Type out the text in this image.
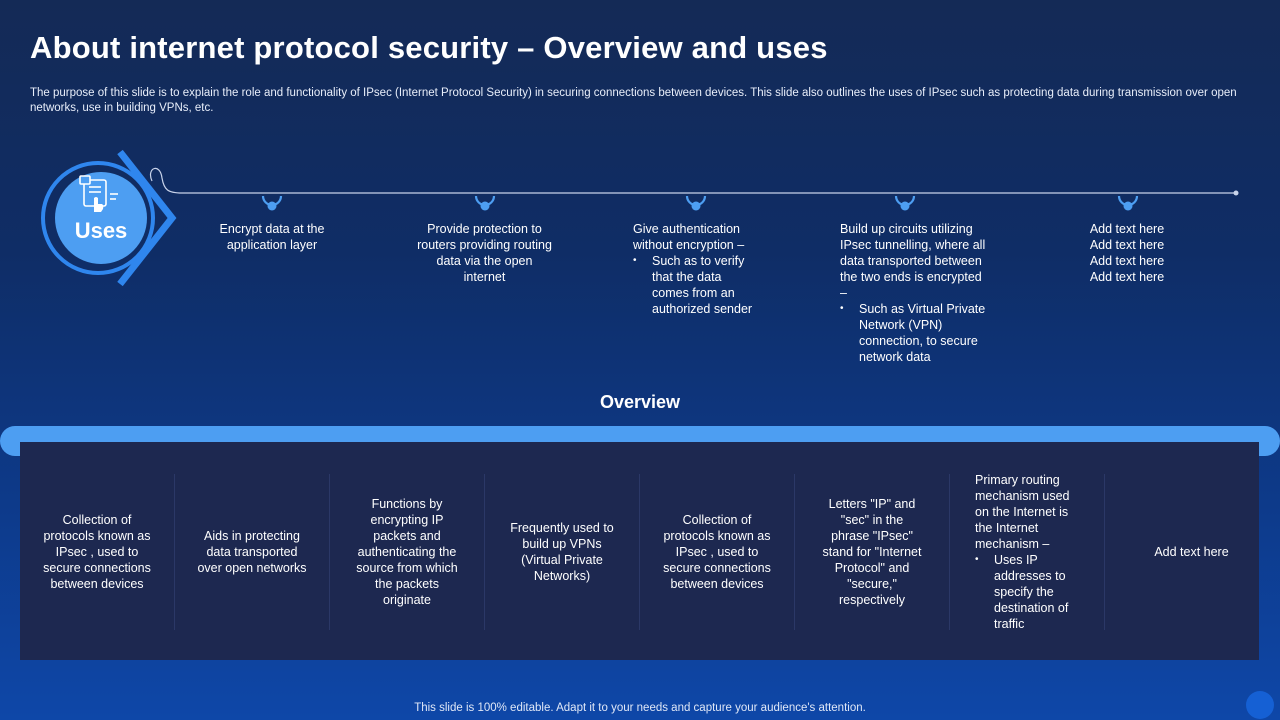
About internet protocol security – Overview and uses

The purpose of this slide is to explain the role and functionality of IPsec (Internet Protocol Security) in securing connections between devices. This slide also outlines the uses of IPsec such as protecting data during transmission over open networks, use in building VPNs, etc.

Uses	Encrypt data at the application layer
Provide protection to routers providing routing data via the open internet
Give authentication without encryption –
• Such as to verify that the data comes from an authorized sender
Build up circuits utilizing IPsec tunnelling, where all data transported between the two ends is encrypted –
• Such as Virtual Private Network (VPN) connection, to secure network data
Add text here
Add text here
Add text here
Add text here
Overview
Collection of protocols known as IPsec , used to secure connections between devices
Aids in protecting data transported over open networks
Functions by encrypting IP packets and authenticating the source from which the packets originate
Frequently used to build up VPNs (Virtual Private Networks)
Collection of protocols known as IPsec , used to secure connections between devices
Letters "IP" and "sec" in the phrase "IPsec" stand for "Internet Protocol" and "secure," respectively
Primary routing mechanism used on the Internet is the Internet mechanism –
• Uses IP addresses to specify the destination of traffic
Add text here
This slide is 100% editable. Adapt it to your needs and capture your audience's attention.
